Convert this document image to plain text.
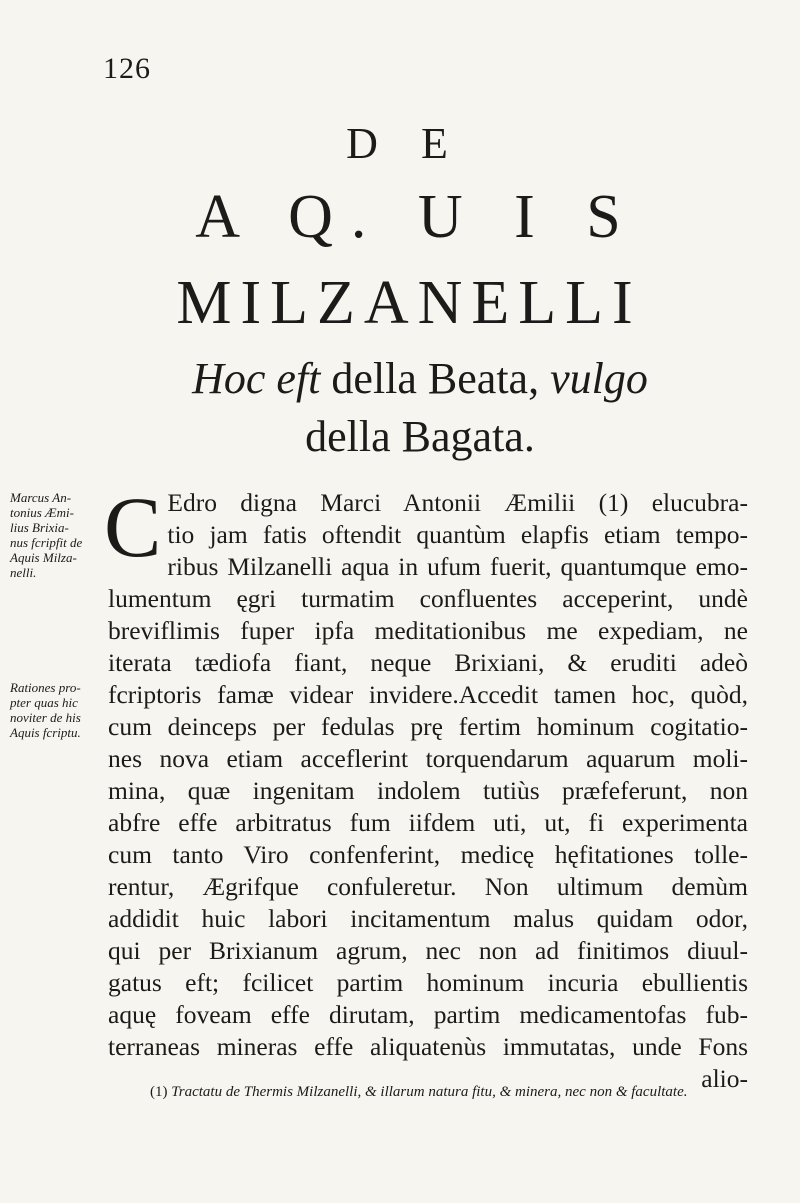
126
D E
A Q. U I S
MILZANELLI
Hoc eft della Beata, vulgo
della Bagata.
Marcus An-
tonius Æmi-
lius Brixia-
nus fcripfit de
Aquis Milza-
nelli.
Rationes pro-
pter quas hic
noviter de his
Aquis fcriptu.
C Edro digna Marci Antonii Æmilii (1) elucubra-
tio jam fatis oftendit quantùm elapfis etiam tempo-
ribus Milzanelli aqua in ufum fuerit, quantumque emo-
lumentum ęgri turmatim confluentes acceperint, undè
breviflimis fuper ipfa meditationibus me expediam, ne
iterata tædiofa fiant, neque Brixiani, & eruditi adeò
fcriptoris famæ videar invidere.Accedit tamen hoc, quòd,
cum deinceps per fedulas prę fertim hominum cogitatio-
nes nova etiam acceflerint torquendarum aquarum moli-
mina, quæ ingenitam indolem tutiùs præfeferunt, non
abfre effe arbitratus fum iifdem uti, ut, fi experimenta
cum tanto Viro confenferint, medicę hęfitationes tolle-
rentur, Ægrifque confuleretur. Non ultimum demùm
addidit huic labori incitamentum malus quidam odor,
qui per Brixianum agrum, nec non ad finitimos diuul-
gatus eft; fcilicet partim hominum incuria ebullientis
aquę foveam effe dirutam, partim medicamentofas fub-
terraneas mineras effe aliquatenùs immutatas, unde Fons
alio-
(1) Tractatu de Thermis Milzanelli, & illarum natura fitu, & minera, nec non & facultate.
